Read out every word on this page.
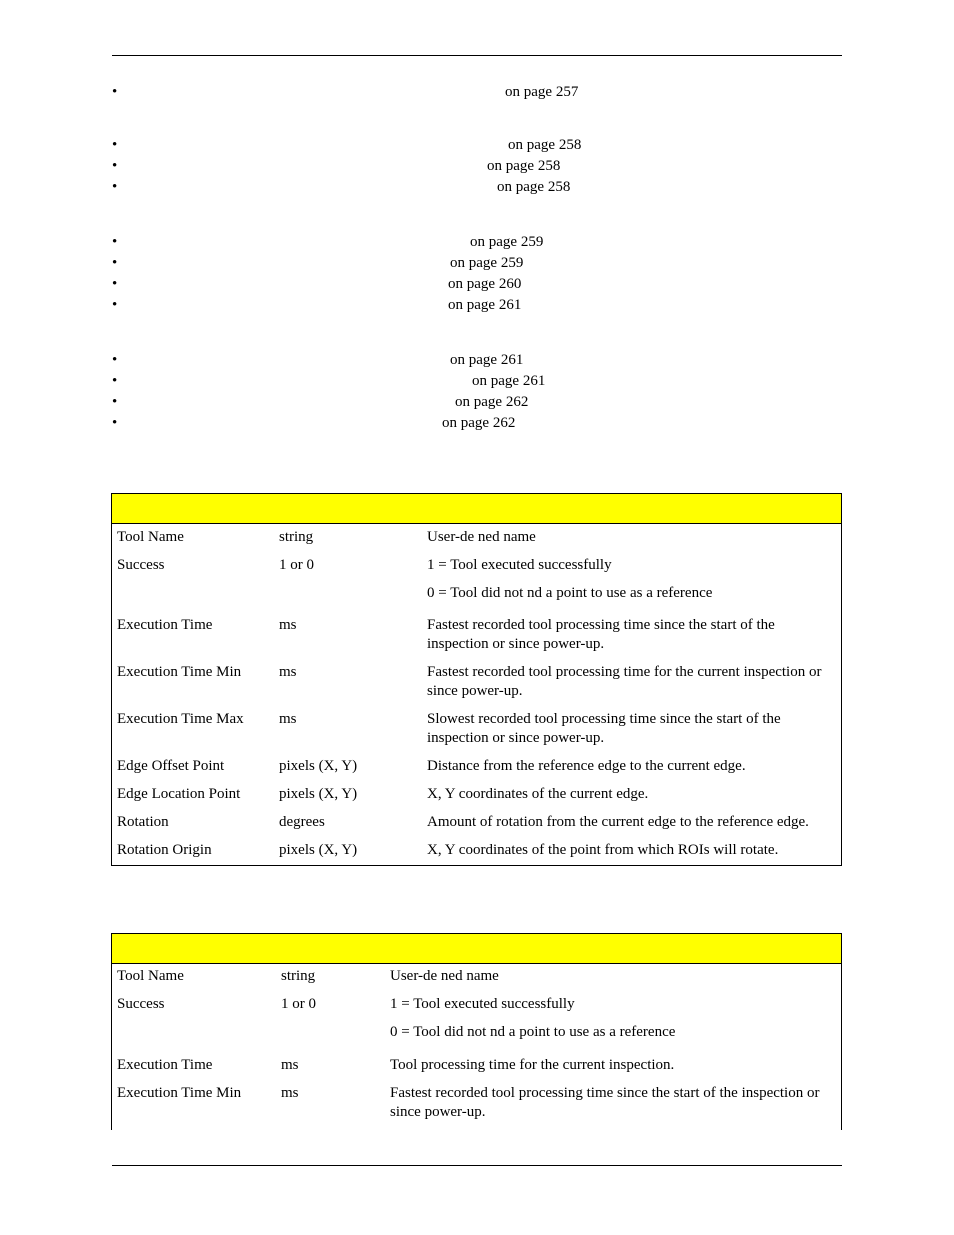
•	on page 257
•	on page 258
•	on page 258
•	on page 258
•	on page 259
•	on page 259
•	on page 260
•	on page 261
•	on page 261
•	on page 261
•	on page 262
•	on page 262
Tool Name	string	User-de ned name
Success	1 or 0	1 = Tool executed successfully
0 = Tool did not nd a point to use as a reference
Execution Time	ms	Fastest recorded tool processing time since the start of the inspection or since power-up.
Execution Time Min	ms	Fastest recorded tool processing time for the current inspection or since power-up.
Execution Time Max ms	Slowest recorded tool processing time since the start of the inspection or since power-up.
Edge Offset Point	pixels (X, Y)	Distance from the reference edge to the current edge.
Edge Location Point	pixels (X, Y)	X, Y coordinates of the current edge.
Rotation	degrees	Amount of rotation from the current edge to the reference edge.
Rotation Origin	pixels (X, Y)	X, Y coordinates of the point from which ROIs will rotate.
Tool Name	string	User-de ned name
Success	1 or 0	1 = Tool executed successfully
0 = Tool did not nd a point to use as a reference
Execution Time	ms	Tool processing time for the current inspection.
Execution Time Min	ms	Fastest recorded tool processing time since the start of the inspection or since power-up.
